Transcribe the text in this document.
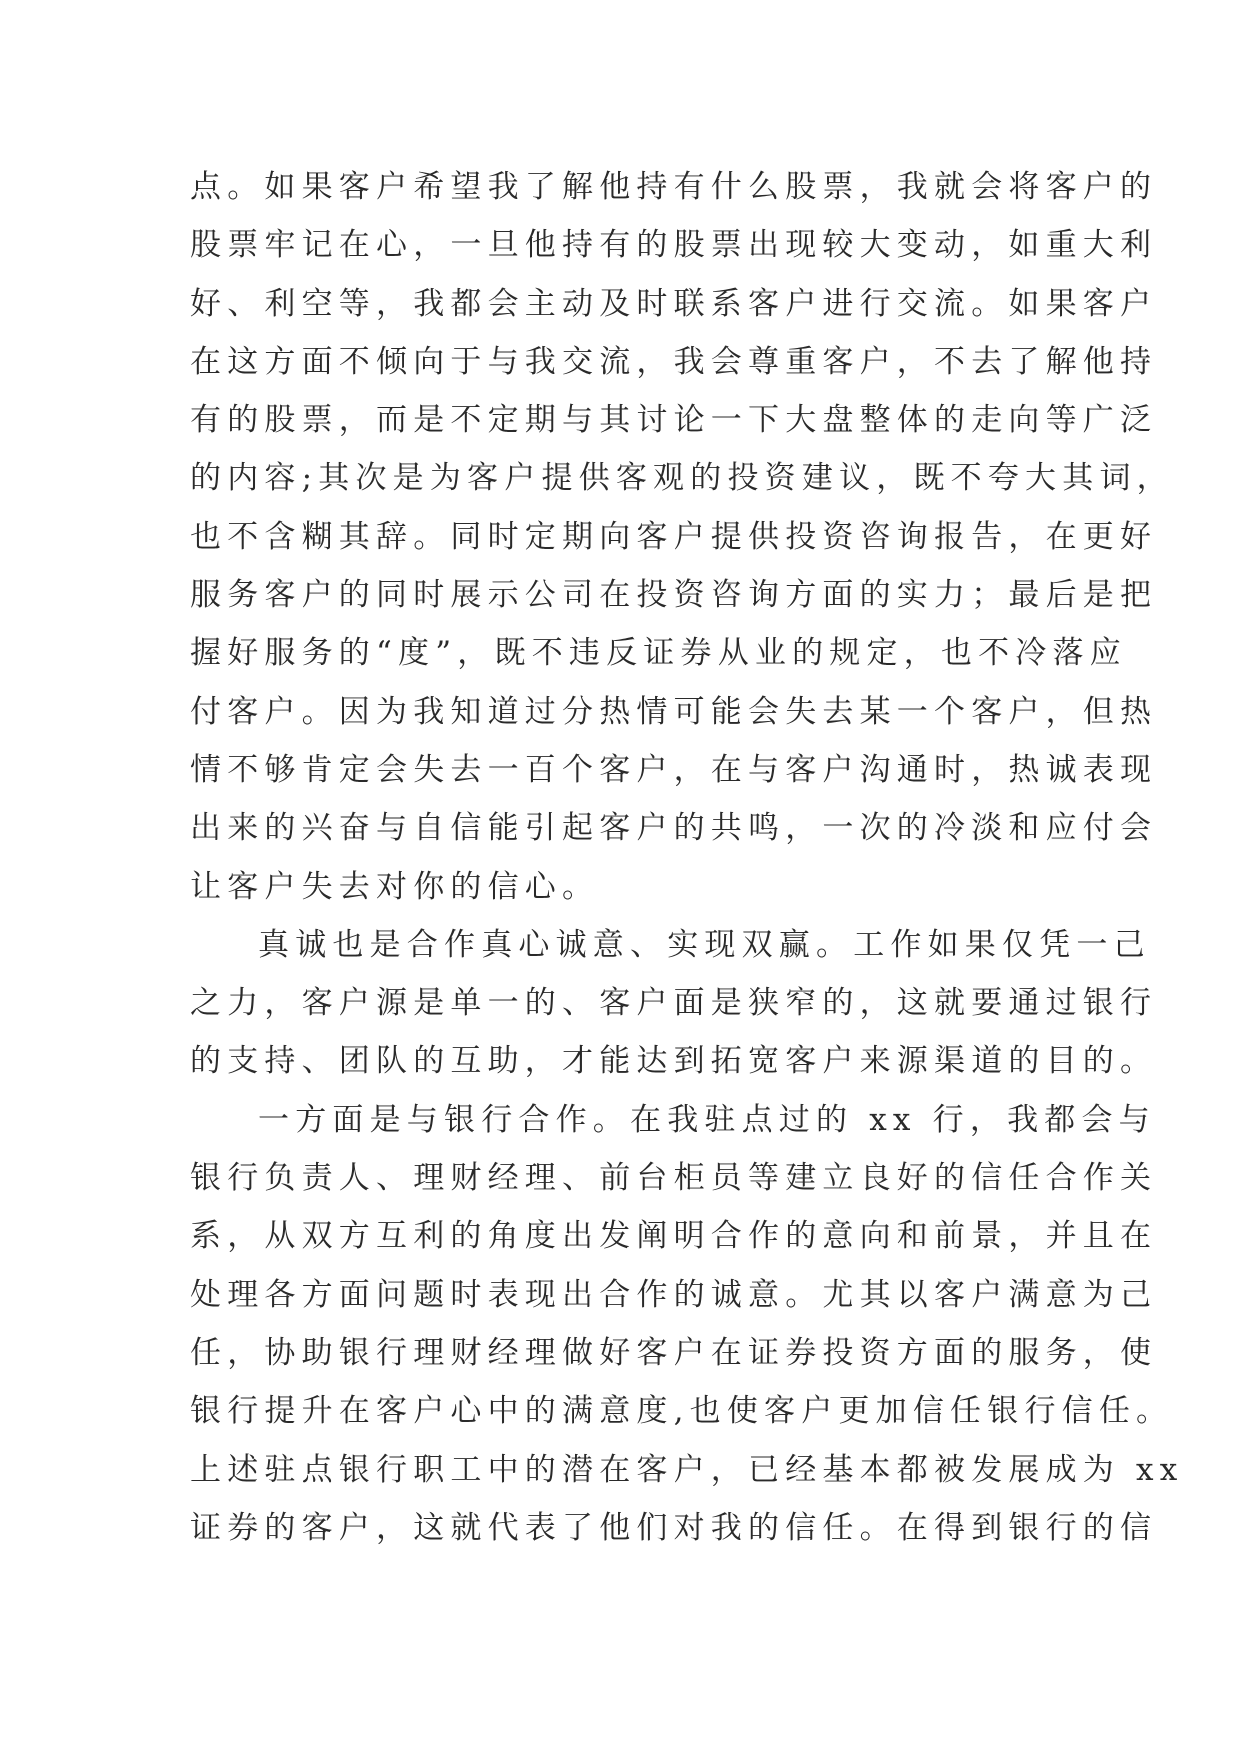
点。如果客户希望我了解他持有什么股票，我就会将客户的
股票牢记在心，一旦他持有的股票出现较大变动，如重大利
好、利空等，我都会主动及时联系客户进行交流。如果客户
在这方面不倾向于与我交流，我会尊重客户，不去了解他持
有的股票，而是不定期与其讨论一下大盘整体的走向等广泛
的内容;其次是为客户提供客观的投资建议，既不夸大其词，
也不含糊其辞。同时定期向客户提供投资咨询报告，在更好
服务客户的同时展示公司在投资咨询方面的实力；最后是把
握好服务的“度”，既不违反证券从业的规定，也不冷落应
付客户。因为我知道过分热情可能会失去某一个客户，但热
情不够肯定会失去一百个客户，在与客户沟通时，热诚表现
出来的兴奋与自信能引起客户的共鸣，一次的冷淡和应付会
让客户失去对你的信心。
真诚也是合作真心诚意、实现双赢。工作如果仅凭一己
之力，客户源是单一的、客户面是狭窄的，这就要通过银行
的支持、团队的互助，才能达到拓宽客户来源渠道的目的。
一方面是与银行合作。在我驻点过的 xx 行，我都会与
银行负责人、理财经理、前台柜员等建立良好的信任合作关
系，从双方互利的角度出发阐明合作的意向和前景，并且在
处理各方面问题时表现出合作的诚意。尤其以客户满意为己
任，协助银行理财经理做好客户在证券投资方面的服务，使
银行提升在客户心中的满意度,也使客户更加信任银行信任。
上述驻点银行职工中的潜在客户，已经基本都被发展成为 xx
证券的客户，这就代表了他们对我的信任。在得到银行的信
